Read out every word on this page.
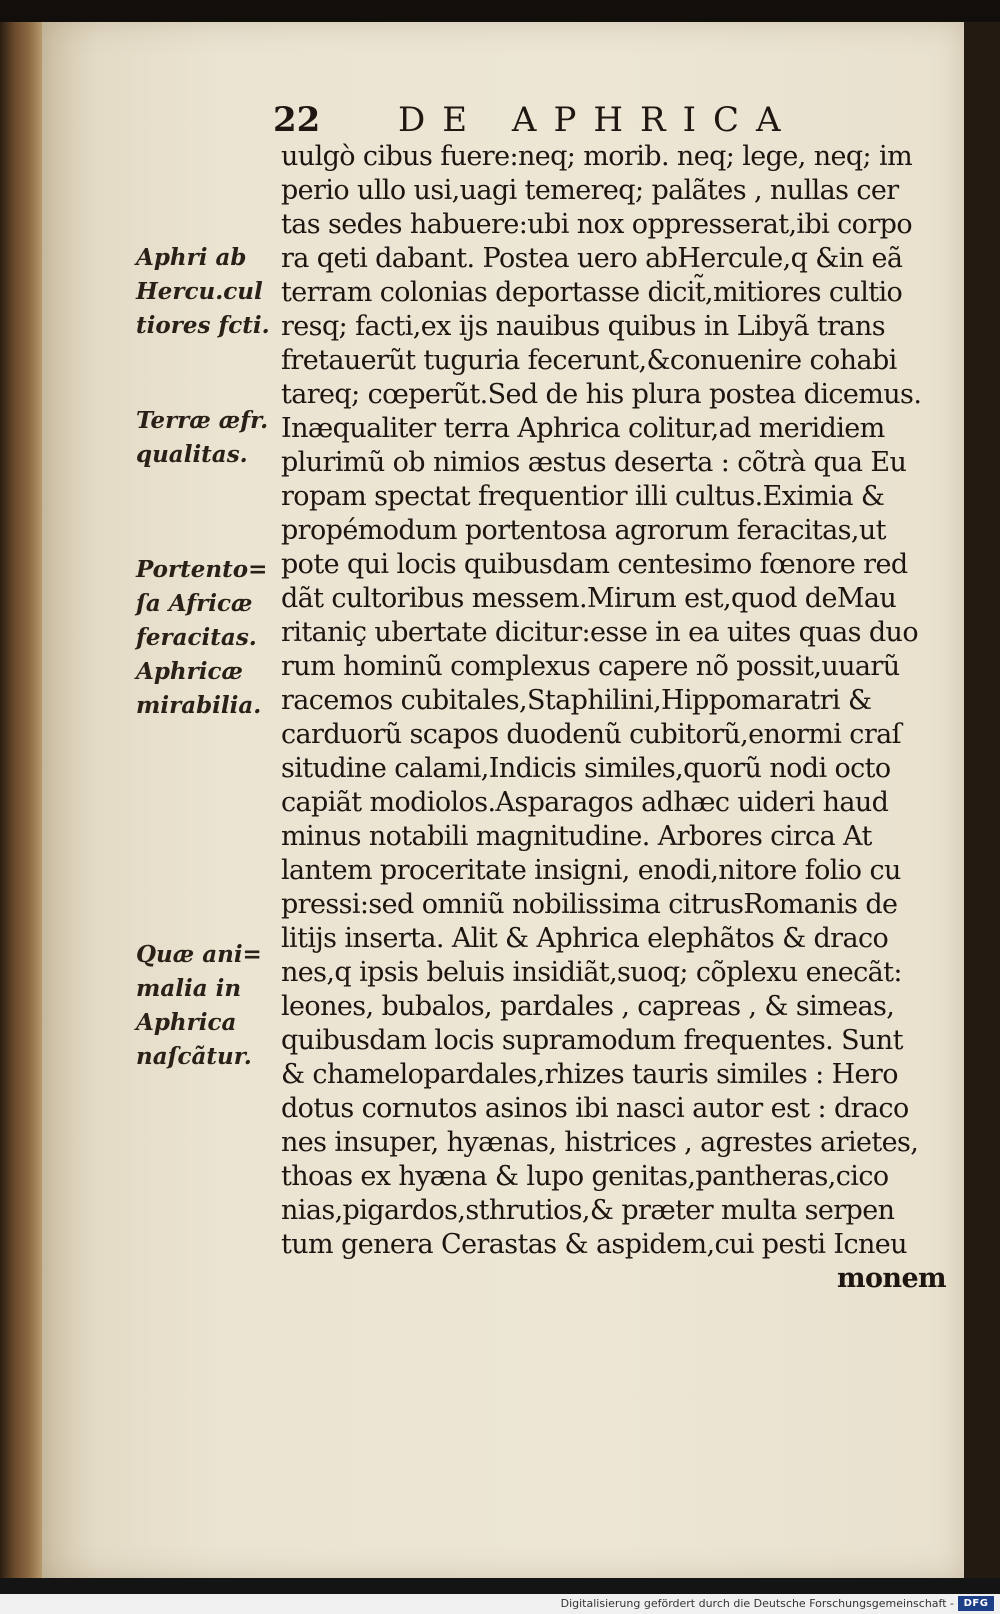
22 DE APHRICA
uulgò cibus fuere:neq; morib. neq; lege, neq; im
perio ullo usi,uagi temereq; palãtes , nullas cer
tas sedes habuere:ubi nox oppresserat,ibi corpo
ra qeti dabant. Postea uero abHercule,q &in eã
terram colonias deportasse dicit̃,mitiores cultio
resq; facti,ex ijs nauibus quibus in Libyã trans
fretauerũt tuguria fecerunt,&conuenire cohabi
tareq; cœperũt.Sed de his plura postea dicemus.
Inæqualiter terra Aphrica colitur,ad meridiem
plurimũ ob nimios æstus deserta : cõtrà qua Eu
ropam spectat frequentior illi cultus.Eximia &
propémodum portentosa agrorum feracitas,ut
pote qui locis quibusdam centesimo fœnore red
dãt cultoribus messem.Mirum est,quod deMau
ritaniç ubertate dicitur:esse in ea uites quas duo
rum hominũ complexus capere nõ possit,uuarũ
racemos cubitales,Staphilini,Hippomaratri &
carduorũ scapos duodenũ cubitorũ,enormi craſ
situdine calami,Indicis similes,quorũ nodi octo
capiãt modiolos.Asparagos adhæc uideri haud
minus notabili magnitudine. Arbores circa At
lantem proceritate insigni, enodi,nitore folio cu
pressi:sed omniũ nobilissima citrusRomanis de
litijs inserta. Alit & Aphrica elephãtos & draco
nes,q ipsis beluis insidiãt,suoq; cõplexu enecãt:
leones, bubalos, pardales , capreas , & simeas,
quibusdam locis supramodum frequentes. Sunt
& chamelopardales,rhizes tauris similes : Hero
dotus cornutos asinos ibi nasci autor est : draco
nes insuper, hyænas, histrices , agrestes arietes,
thoas ex hyæna & lupo genitas,pantheras,cico
nias,pigardos,sthrutios,& præter multa serpen
tum genera Cerastas & aspidem,cui pesti Icneu
monem
Aphri ab
Hercu.cul
tiores fcti.
Terræ æfr.
qualitas.
Portento=
ſa Africæ
feracitas.
Aphricæ
mirabilia.
Quæ ani=
malia in
Aphrica
naſcãtur.
Digitalisierung gefördert durch die Deutsche Forschungsgemeinschaft - DFG
